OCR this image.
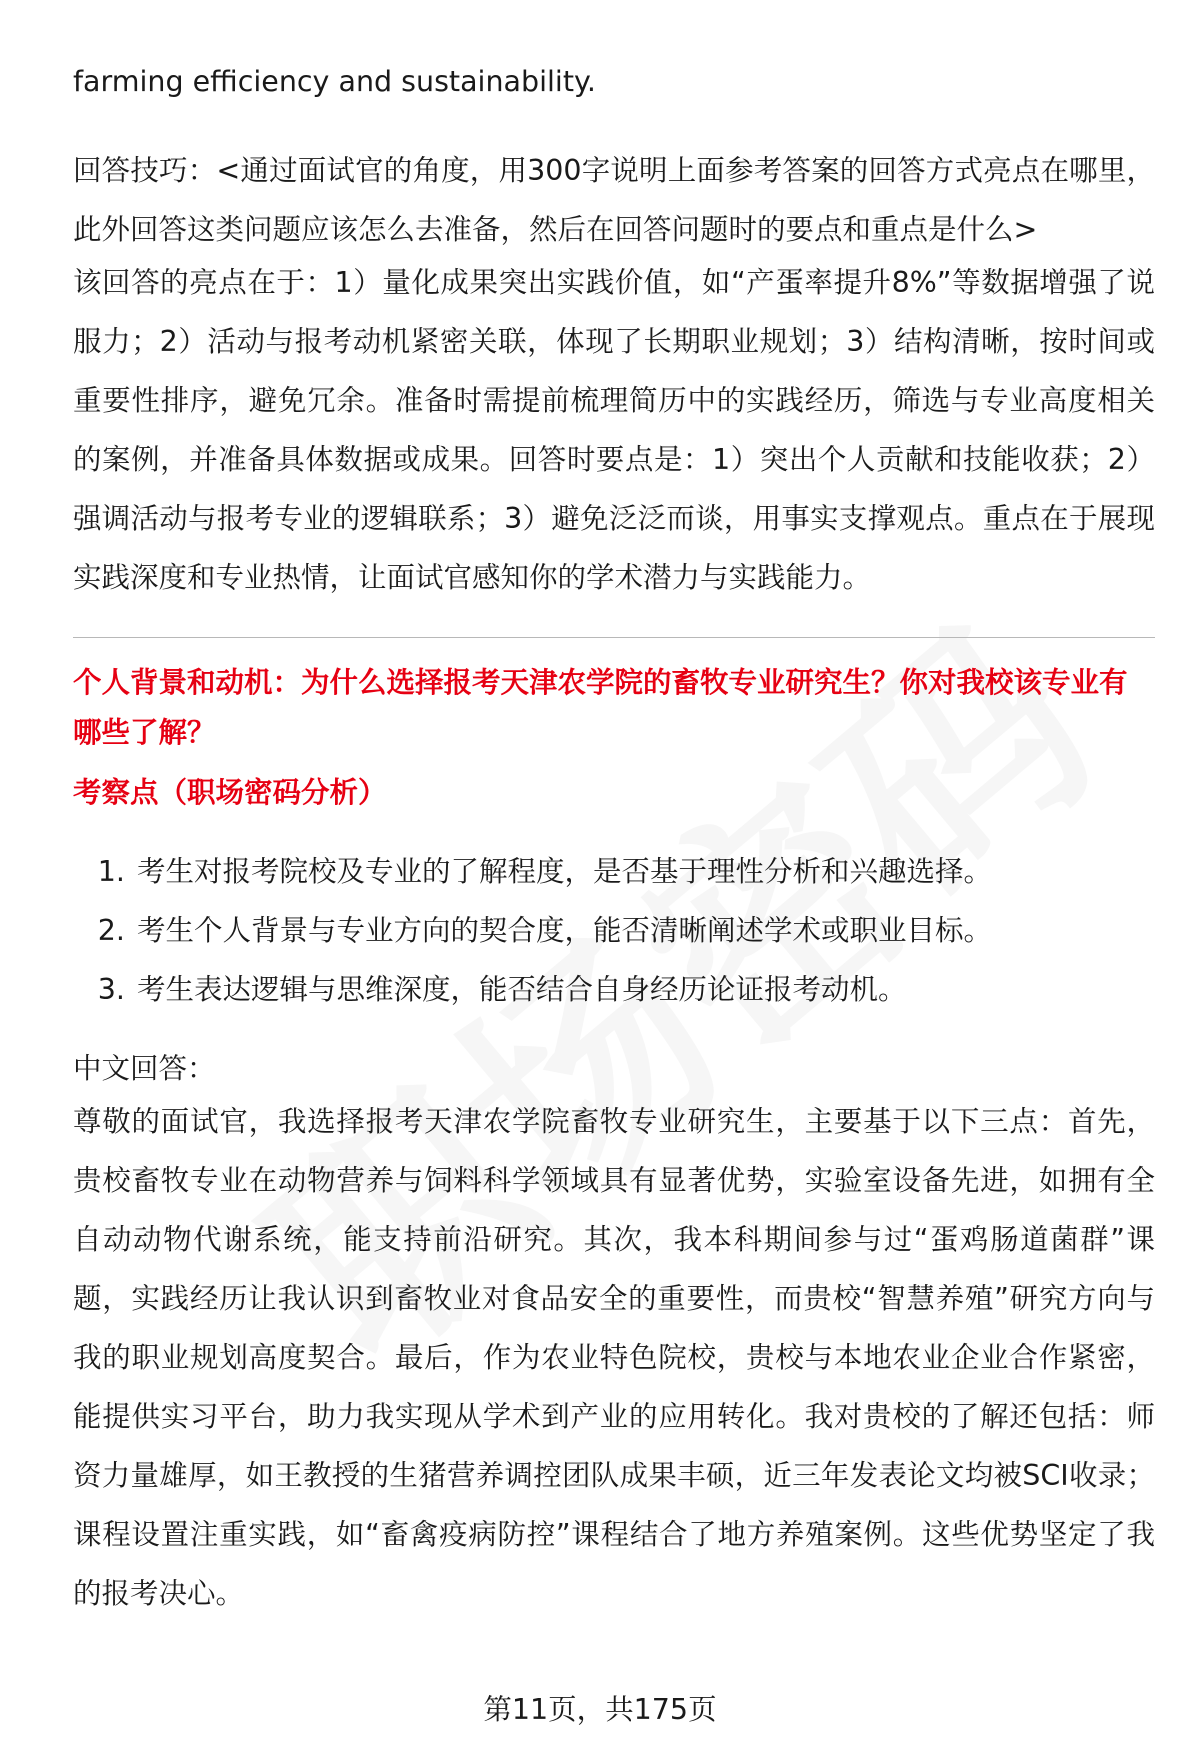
farming efficiency and sustainability.

回答技巧：<通过面试官的角度，用300字说明上面参考答案的回答方式亮点在哪里，此外回答这类问题应该怎么去准备，然后在回答问题时的要点和重点是什么>

该回答的亮点在于：1）量化成果突出实践价值，如“产蛋率提升8%”等数据增强了说服力；2）活动与报考动机紧密关联，体现了长期职业规划；3）结构清晰，按时间或重要性排序，避免冗余。准备时需提前梳理简历中的实践经历，筛选与专业高度相关的案例，并准备具体数据或成果。回答时要点是：1）突出个人贡献和技能收获；2）强调活动与报考专业的逻辑联系；3）避免泛泛而谈，用事实支撑观点。重点在于展现实践深度和专业热情，让面试官感知你的学术潜力与实践能力。

个人背景和动机：为什么选择报考天津农学院的畜牧专业研究生？你对我校该专业有哪些了解？

考察点（职场密码分析）

1. 考生对报考院校及专业的了解程度，是否基于理性分析和兴趣选择。
2. 考生个人背景与专业方向的契合度，能否清晰阐述学术或职业目标。
3. 考生表达逻辑与思维深度，能否结合自身经历论证报考动机。

中文回答：

尊敬的面试官，我选择报考天津农学院畜牧专业研究生，主要基于以下三点：首先，贵校畜牧专业在动物营养与饲料科学领域具有显著优势，实验室设备先进，如拥有全自动动物代谢系统，能支持前沿研究。其次，我本科期间参与过“蛋鸡肠道菌群”课题，实践经历让我认识到畜牧业对食品安全的重要性，而贵校“智慧养殖”研究方向与我的职业规划高度契合。最后，作为农业特色院校，贵校与本地农业企业合作紧密，能提供实习平台，助力我实现从学术到产业的应用转化。我对贵校的了解还包括：师资力量雄厚，如王教授的生猪营养调控团队成果丰硕，近三年发表论文均被SCI收录；课程设置注重实践，如“畜禽疫病防控”课程结合了地方养殖案例。这些优势坚定了我的报考决心。

第11页，共175页
